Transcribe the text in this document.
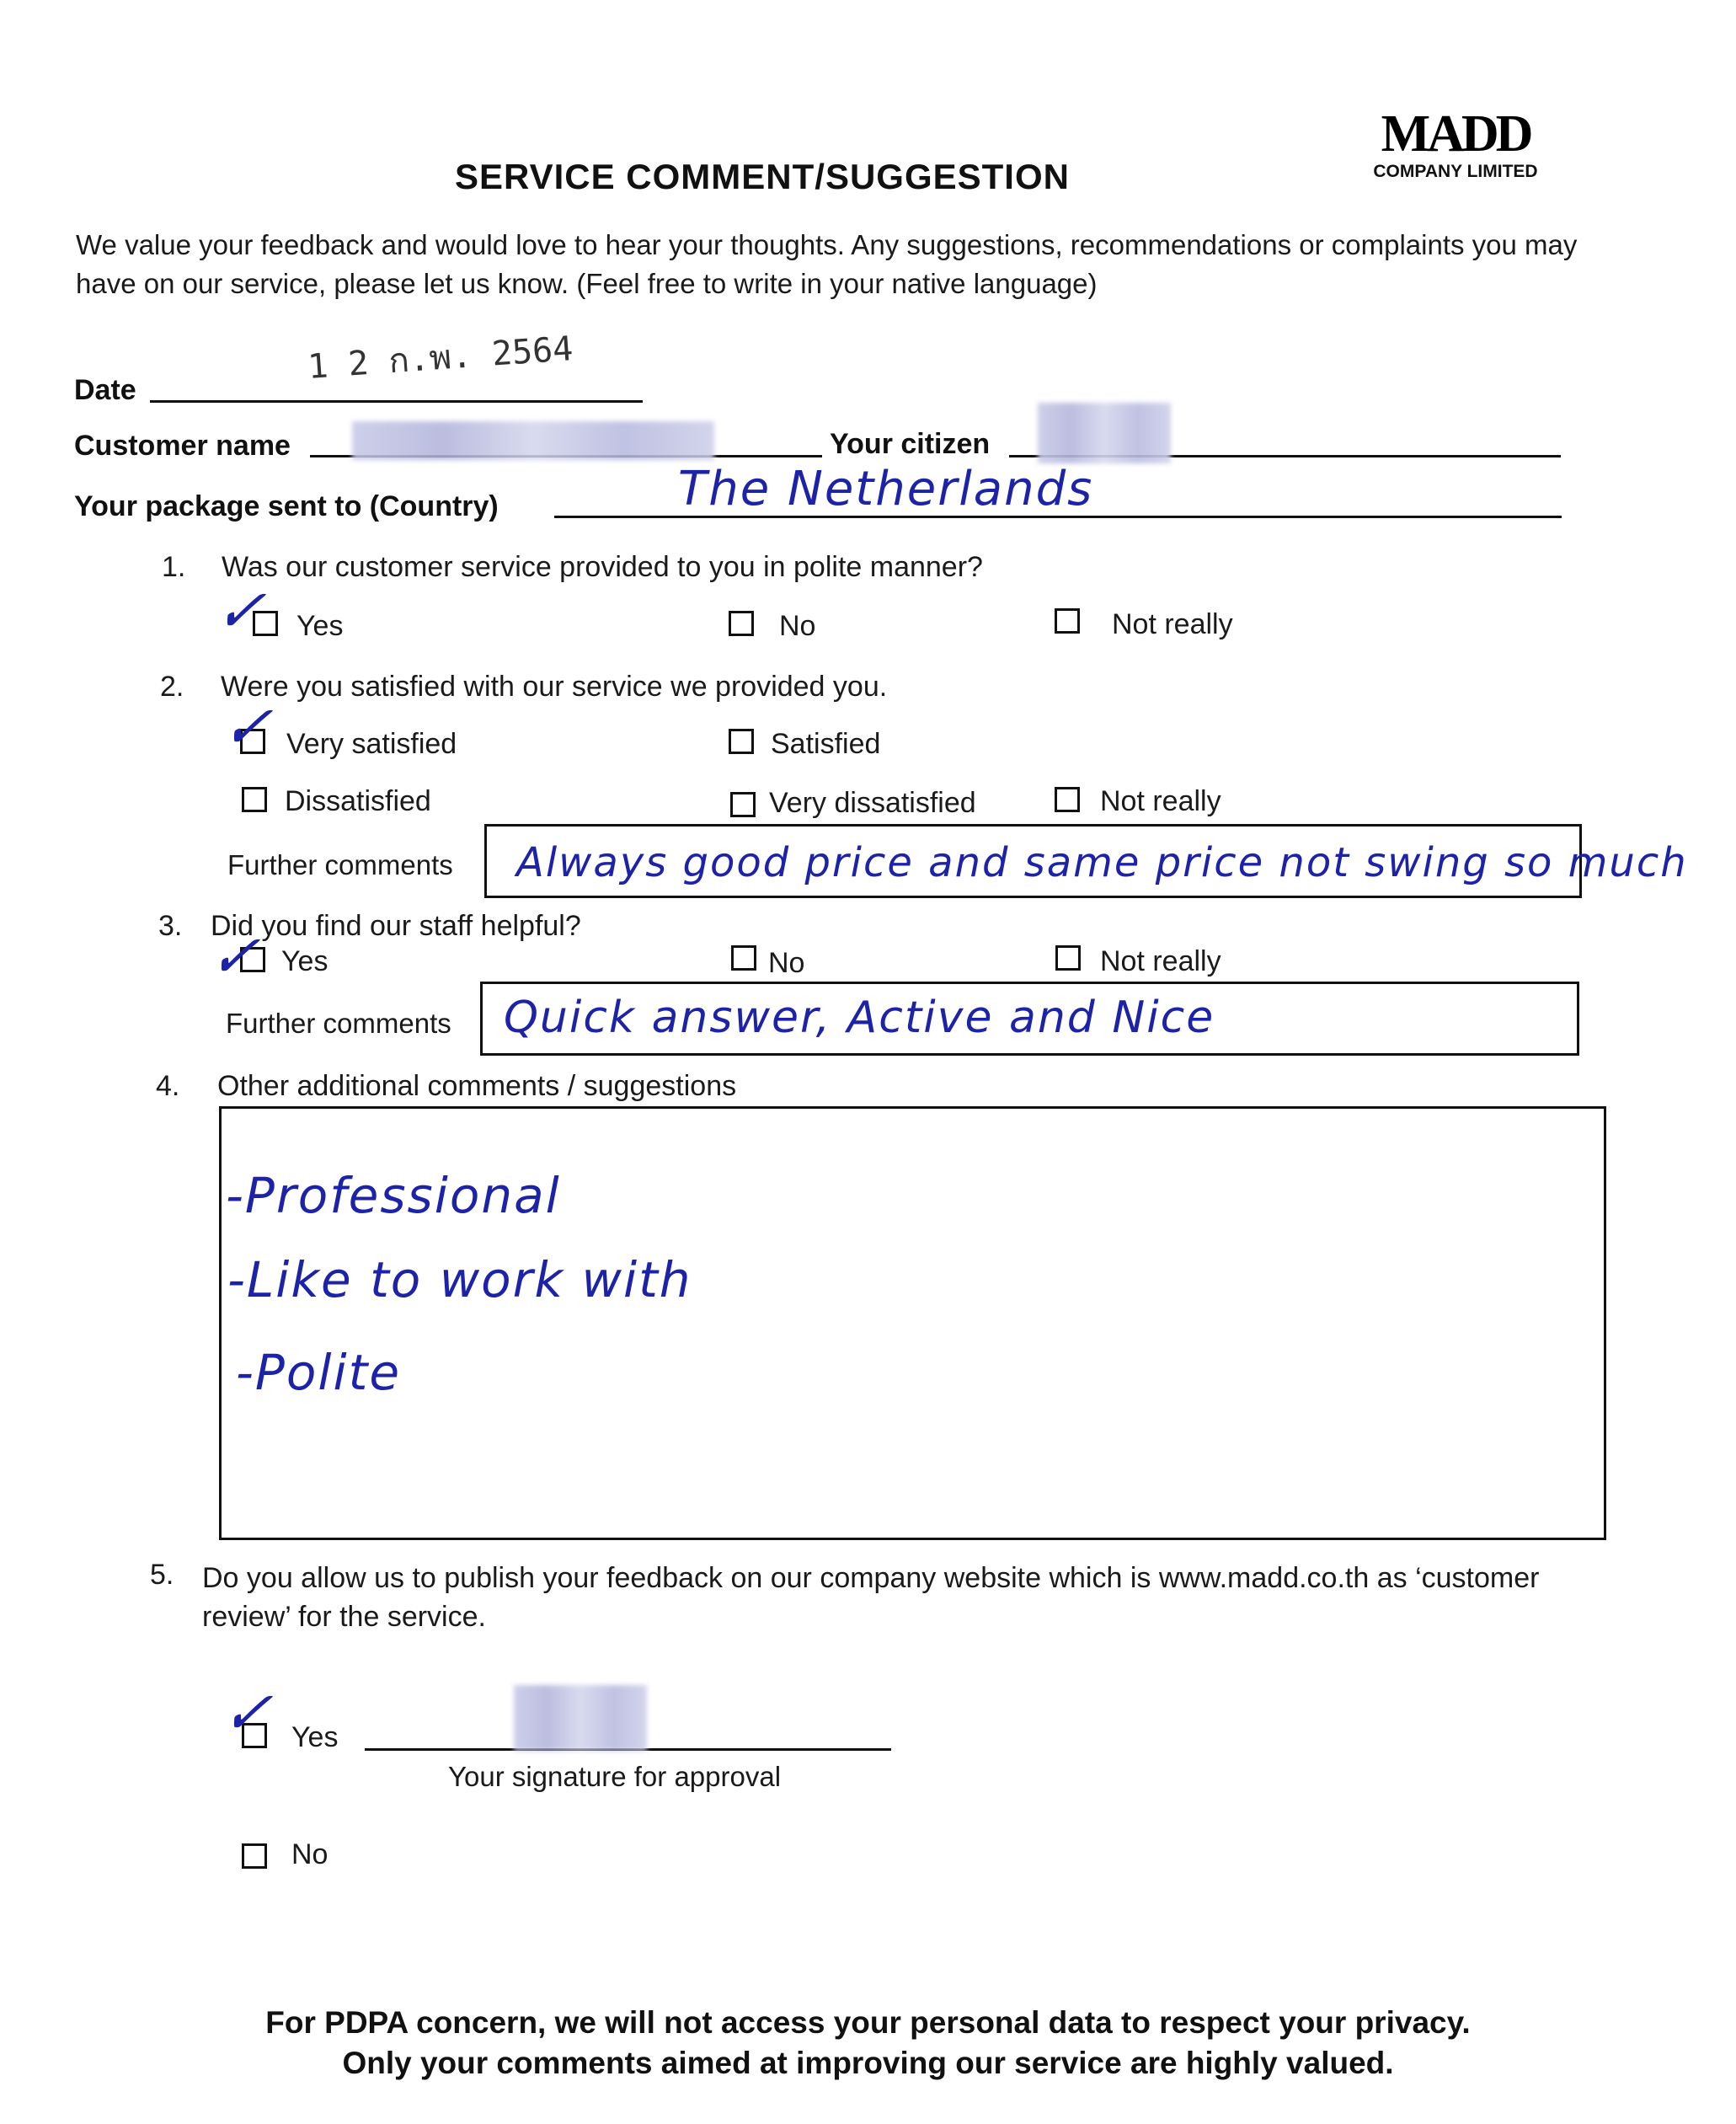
MADD
COMPANY LIMITED
SERVICE COMMENT/SUGGESTION
We value your feedback and would love to hear your thoughts. Any suggestions, recommendations or complaints you may have on our service, please let us know. (Feel free to write in your native language)
Date
1 2 ก.พ. 2564
Customer name	Your citizen
Your package sent to (Country)	The Netherlands
1. Was our customer service provided to you in polite manner?
✓ Yes	No	Not really
2. Were you satisfied with our service we provided you.
✓
Very satisfied	Satisfied
Dissatisfied	Very dissatisfied	Not really
Further comments Always good price and same price not swing so much
3. Did you find our staff helpful?
✓ Yes	No	Not really
Further comments Quick answer, Active and Nice
4. Other additional comments / suggestions
-Professional
-Like to work with
-Polite
5. Do you allow us to publish your feedback on our company website which is www.madd.co.th as ‘customer review’ for the service.
✓ Yes
Your signature for approval
No
For PDPA concern, we will not access your personal data to respect your privacy.
Only your comments aimed at improving our service are highly valued.
